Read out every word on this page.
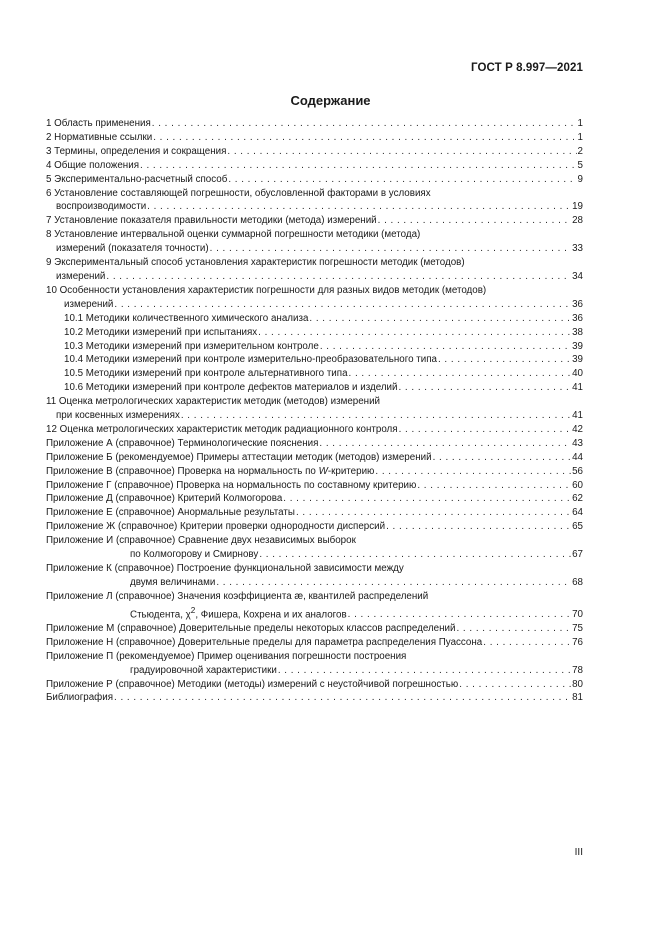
ГОСТ Р 8.997—2021
Содержание
1 Область применения . . .	1
2 Нормативные ссылки . . .	1
3 Термины, определения и сокращения . . .	2
4 Общие положения . . .	5
5 Экспериментально-расчетный способ . . .	9
6 Установление составляющей погрешности, обусловленной факторами в условиях
воспроизводимости . . .	19
7 Установление показателя правильности методики (метода) измерений . . .	28
8 Установление интервальной оценки суммарной погрешности методики (метода)
измерений (показателя точности) . . .	33
9 Экспериментальный способ установления характеристик погрешности методик (методов)
измерений . . .	34
10 Особенности установления характеристик погрешности для разных видов методик (методов)
измерений . . .	36
10.1 Методики количественного химического анализа . . .	36
10.2 Методики измерений при испытаниях . . .	38
10.3 Методики измерений при измерительном контроле . . .	39
10.4 Методики измерений при контроле измерительно-преобразовательного типа . . .	39
10.5 Методики измерений при контроле альтернативного типа . . .	40
10.6 Методики измерений при контроле дефектов материалов и изделий . . .	41
11 Оценка метрологических характеристик методик (методов) измерений
при косвенных измерениях . . .	41
12 Оценка метрологических характеристик методик радиационного контроля . . .	42
Приложение А (справочное) Терминологические пояснения . . .	43
Приложение Б (рекомендуемое) Примеры аттестации методик (методов) измерений . . .	44
Приложение В (справочное) Проверка на нормальность по W-критерию . . .	56
Приложение Г (справочное) Проверка на нормальность по составному критерию . . .	60
Приложение Д (справочное) Критерий Колмогорова . . .	62
Приложение Е (справочное) Анормальные результаты . . .	64
Приложение Ж (справочное) Критерии проверки однородности дисперсий . . .	65
Приложение И (справочное) Сравнение двух независимых выборок
по Колмогорову и Смирнову . . .	67
Приложение К (справочное) Построение функциональной зависимости между
двумя величинами . . .	68
Приложение Л (справочное) Значения коэффициента æ, квантилей распределений
Стьюдента, $\chi^2$, Фишера, Кохрена и их аналогов . . .	70
Приложение М (справочное) Доверительные пределы некоторых классов распределений . . .	75
Приложение Н (справочное) Доверительные пределы для параметра распределения Пуассона . . .	76
Приложение П (рекомендуемое) Пример оценивания погрешности построения
градуировочной характеристики . . .	78
Приложение Р (справочное) Методики (методы) измерений с неустойчивой погрешностью . . .	80
Библиография . . .	81
III
